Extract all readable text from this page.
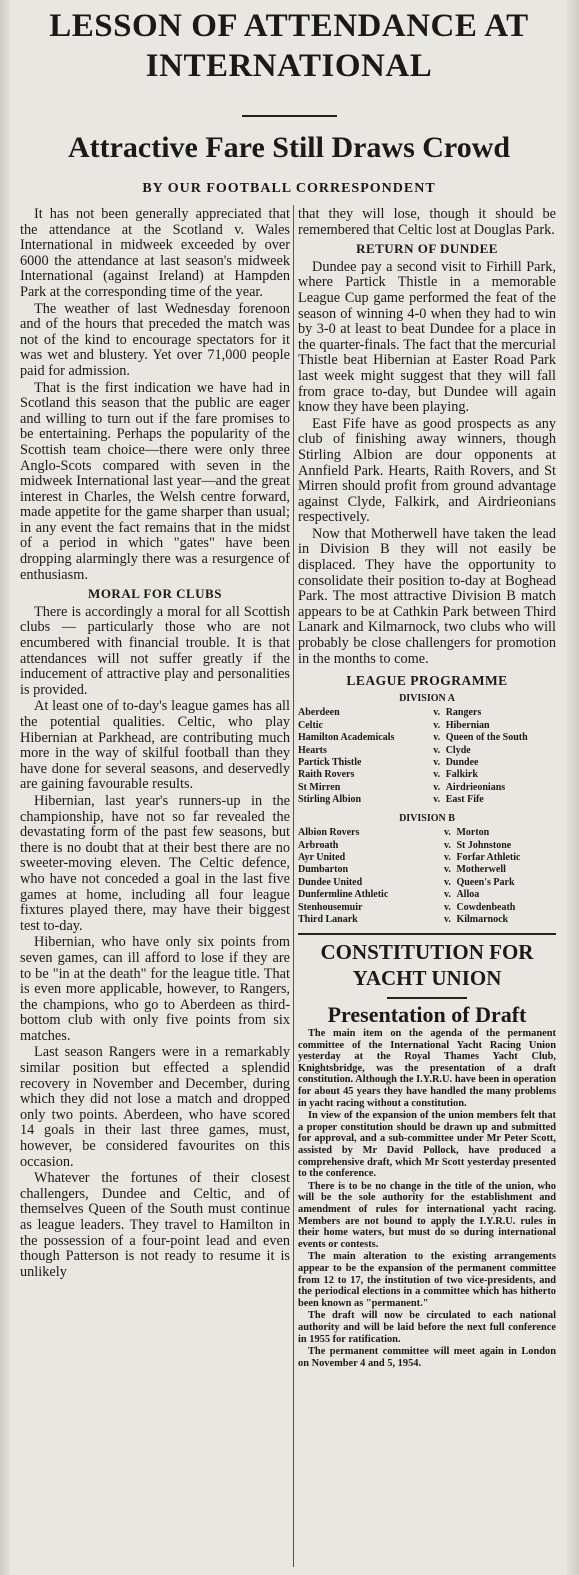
LESSON OF ATTENDANCE AT
INTERNATIONAL
Attractive Fare Still Draws Crowd
BY OUR FOOTBALL CORRESPONDENT

It has not been generally appreciated that the attendance at the Scotland v. Wales International in midweek exceeded by over 6000 the attendance at last season's midweek International (against Ireland) at Hampden Park at the corresponding time of the year.

The weather of last Wednesday forenoon and of the hours that preceded the match was not of the kind to encourage spectators for it was wet and blustery. Yet over 71,000 people paid for admission.

That is the first indication we have had in Scotland this season that the public are eager and willing to turn out if the fare promises to be entertaining. Perhaps the popularity of the Scottish team choice—there were only three Anglo-Scots compared with seven in the midweek International last year—and the great interest in Charles, the Welsh centre forward, made appetite for the game sharper than usual; in any event the fact remains that in the midst of a period in which "gates" have been dropping alarmingly there was a resurgence of enthusiasm.

MORAL FOR CLUBS

There is accordingly a moral for all Scottish clubs — particularly those who are not encumbered with financial trouble. It is that attendances will not suffer greatly if the inducement of attractive play and personalities is provided.

At least one of to-day's league games has all the potential qualities. Celtic, who play Hibernian at Parkhead, are contributing much more in the way of skilful football than they have done for several seasons, and deservedly are gaining favourable results.

Hibernian, last year's runners-up in the championship, have not so far revealed the devastating form of the past few seasons, but there is no doubt that at their best there are no sweeter-moving eleven. The Celtic defence, who have not conceded a goal in the last five games at home, including all four league fixtures played there, may have their biggest test to-day.

Hibernian, who have only six points from seven games, can ill afford to lose if they are to be "in at the death" for the league title. That is even more applicable, however, to Rangers, the champions, who go to Aberdeen as third-bottom club with only five points from six matches.

Last season Rangers were in a remarkably similar position but effected a splendid recovery in November and December, during which they did not lose a match and dropped only two points. Aberdeen, who have scored 14 goals in their last three games, must, however, be considered favourites on this occasion.

Whatever the fortunes of their closest challengers, Dundee and Celtic, and of themselves Queen of the South must continue as league leaders. They travel to Hamilton in the possession of a four-point lead and even though Patterson is not ready to resume it is unlikely

that they will lose, though it should be remembered that Celtic lost at Douglas Park.

RETURN OF DUNDEE

Dundee pay a second visit to Firhill Park, where Partick Thistle in a memorable League Cup game performed the feat of the season of winning 4-0 when they had to win by 3-0 at least to beat Dundee for a place in the quarter-finals. The fact that the mercurial Thistle beat Hibernian at Easter Road Park last week might suggest that they will fall from grace to-day, but Dundee will again know they have been playing.

East Fife have as good prospects as any club of finishing away winners, though Stirling Albion are dour opponents at Annfield Park. Hearts, Raith Rovers, and St Mirren should profit from ground advantage against Clyde, Falkirk, and Airdrieonians respectively.

Now that Motherwell have taken the lead in Division B they will not easily be displaced. They have the opportunity to consolidate their position to-day at Boghead Park. The most attractive Division B match appears to be at Cathkin Park between Third Lanark and Kilmarnock, two clubs who will probably be close challengers for promotion in the months to come.

LEAGUE PROGRAMME
DIVISION A
Aberdeen	v.	Rangers
Celtic	v.	Hibernian
Hamilton Academicals	v.	Queen of the South
Hearts	v.	Clyde
Partick Thistle	v.	Dundee
Raith Rovers	v.	Falkirk
St Mirren	v.	Airdrieonians
Stirling Albion	v.	East Fife
DIVISION B
Albion Rovers	v.	Morton
Arbroath	v.	St Johnstone
Ayr United	v.	Forfar Athletic
Dumbarton	v.	Motherwell
Dundee United	v.	Queen's Park
Dunfermline Athletic	v.	Alloa
Stenhousemuir	v.	Cowdenbeath
Third Lanark	v.	Kilmarnock
CONSTITUTION FOR
YACHT UNION
Presentation of Draft

The main item on the agenda of the permanent committee of the International Yacht Racing Union yesterday at the Royal Thames Yacht Club, Knightsbridge, was the presentation of a draft constitution. Although the I.Y.R.U. have been in operation for about 45 years they have handled the many problems in yacht racing without a constitution.

In view of the expansion of the union members felt that a proper constitution should be drawn up and submitted for approval, and a sub-committee under Mr Peter Scott, assisted by Mr David Pollock, have produced a comprehensive draft, which Mr Scott yesterday presented to the conference.

There is to be no change in the title of the union, who will be the sole authority for the establishment and amendment of rules for international yacht racing. Members are not bound to apply the I.Y.R.U. rules in their home waters, but must do so during international events or contests.

The main alteration to the existing arrangements appear to be the expansion of the permanent committee from 12 to 17, the institution of two vice-presidents, and the periodical elections in a committee which has hitherto been known as "permanent."

The draft will now be circulated to each national authority and will be laid before the next full conference in 1955 for ratification.

The permanent committee will meet again in London on November 4 and 5, 1954.
